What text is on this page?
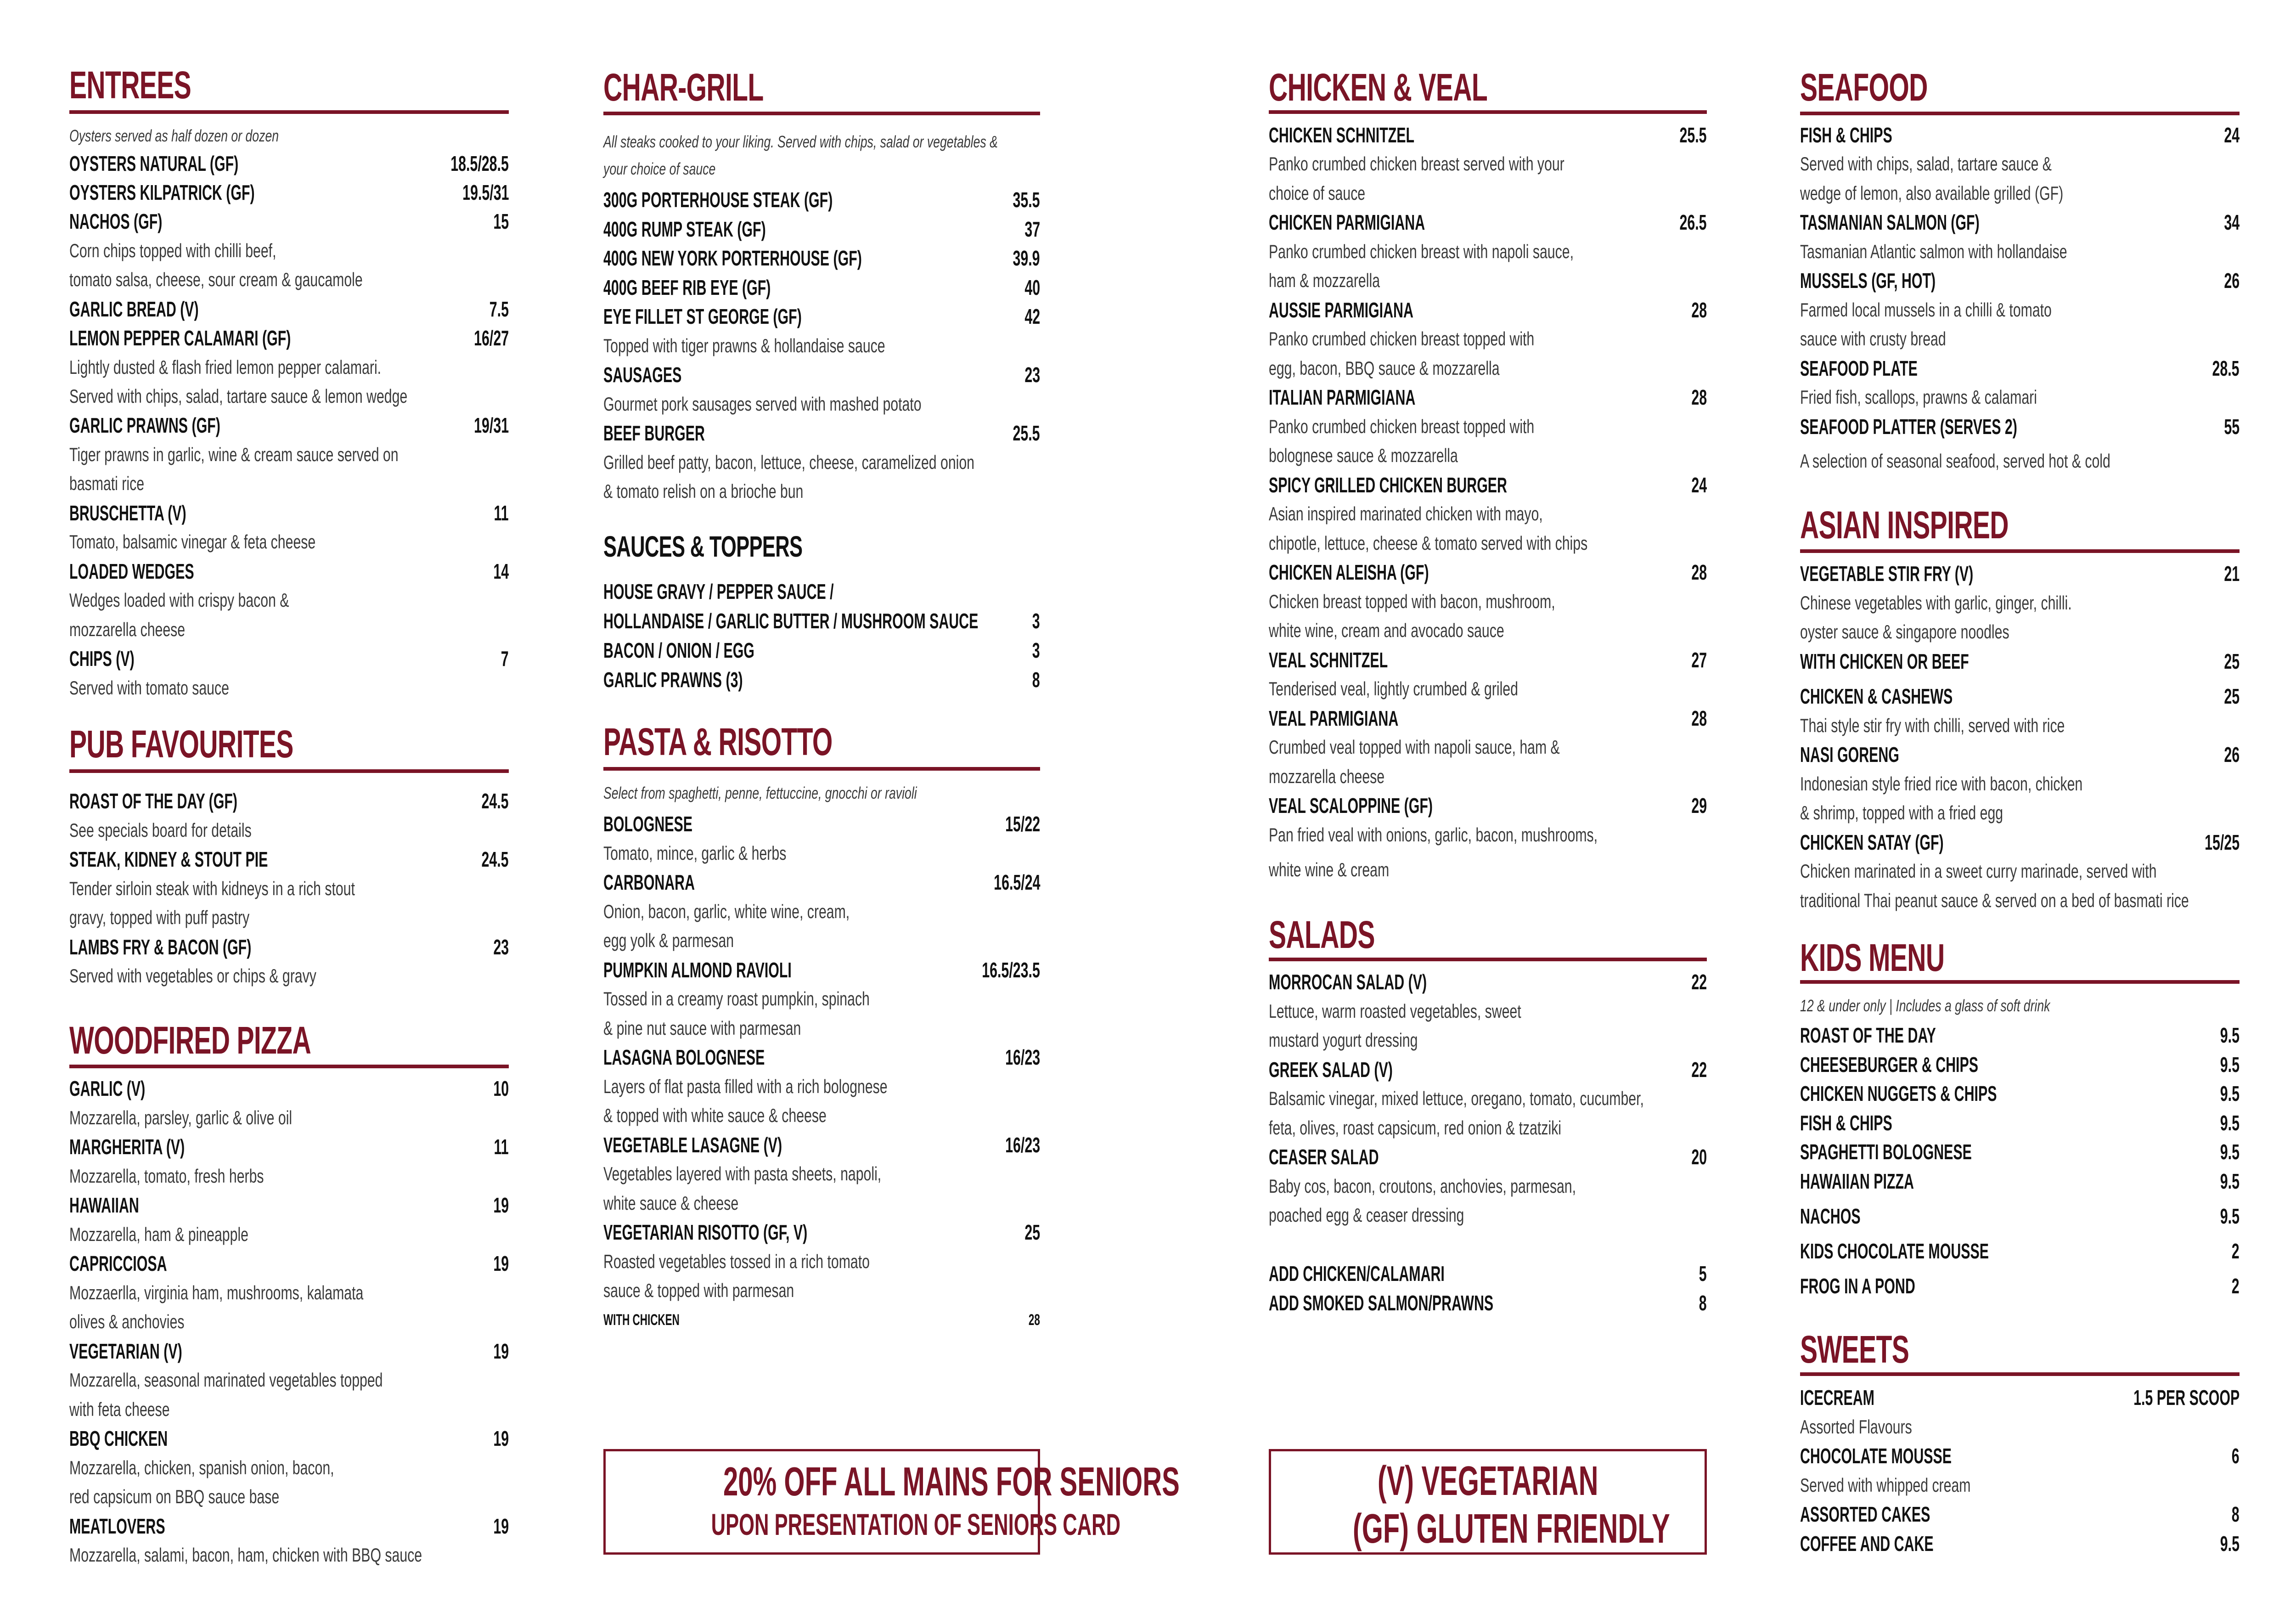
ENTREES
Oysters served as half dozen or dozen
OYSTERS NATURAL (GF)	18.5/28.5
OYSTERS KILPATRICK (GF)	19.5/31
NACHOS (GF)	15
Corn chips topped with chilli beef,
tomato salsa, cheese, sour cream & gaucamole
GARLIC BREAD (V)	7.5
LEMON PEPPER CALAMARI (GF)	16/27
Lightly dusted & flash fried lemon pepper calamari.
Served with chips, salad, tartare sauce & lemon wedge
GARLIC PRAWNS (GF)	19/31
Tiger prawns in garlic, wine & cream sauce served on
basmati rice
BRUSCHETTA (V)	11
Tomato, balsamic vinegar & feta cheese
LOADED WEDGES	14
Wedges loaded with crispy bacon &
mozzarella cheese
CHIPS (V)	7
Served with tomato sauce
PUB FAVOURITES
ROAST OF THE DAY (GF)	24.5
See specials board for details
STEAK, KIDNEY & STOUT PIE	24.5
Tender sirloin steak with kidneys in a rich stout
gravy, topped with puff pastry
LAMBS FRY & BACON (GF)	23
Served with vegetables or chips & gravy
WOODFIRED PIZZA
GARLIC (V)	10
Mozzarella, parsley, garlic & olive oil
MARGHERITA (V)	11
Mozzarella, tomato, fresh herbs
HAWAIIAN	19
Mozzarella, ham & pineapple
CAPRICCIOSA	19
Mozzaerlla, virginia ham, mushrooms, kalamata
olives & anchovies
VEGETARIAN (V)	19
Mozzarella, seasonal marinated vegetables topped
with feta cheese
BBQ CHICKEN	19
Mozzarella, chicken, spanish onion, bacon,
red capsicum on BBQ sauce base
MEATLOVERS	19
Mozzarella, salami, bacon, ham, chicken with BBQ sauce
CHAR-GRILL
All steaks cooked to your liking. Served with chips, salad or vegetables &
your choice of sauce
300G PORTERHOUSE STEAK (GF)	35.5
400G RUMP STEAK (GF)	37
400G NEW YORK PORTERHOUSE (GF)	39.9
400G BEEF RIB EYE (GF)	40
EYE FILLET ST GEORGE (GF)	42
Topped with tiger prawns & hollandaise sauce
SAUSAGES	23
Gourmet pork sausages served with mashed potato
BEEF BURGER	25.5
Grilled beef patty, bacon, lettuce, cheese, caramelized onion
& tomato relish on a brioche bun
SAUCES & TOPPERS
HOUSE GRAVY / PEPPER SAUCE /
HOLLANDAISE / GARLIC BUTTER / MUSHROOM SAUCE	3
BACON / ONION / EGG	3
GARLIC PRAWNS (3)	8
PASTA & RISOTTO
Select from spaghetti, penne, fettuccine, gnocchi or ravioli
BOLOGNESE	15/22
Tomato, mince, garlic & herbs
CARBONARA	16.5/24
Onion, bacon, garlic, white wine, cream,
egg yolk & parmesan
PUMPKIN ALMOND RAVIOLI	16.5/23.5
Tossed in a creamy roast pumpkin, spinach
& pine nut sauce with parmesan
LASAGNA BOLOGNESE	16/23
Layers of flat pasta filled with a rich bolognese
& topped with white sauce & cheese
VEGETABLE LASAGNE (V)	16/23
Vegetables layered with pasta sheets, napoli,
white sauce & cheese
VEGETARIAN RISOTTO (GF, V)	25
Roasted vegetables tossed in a rich tomato
sauce & topped with parmesan
WITH CHICKEN	28
20% OFF ALL MAINS FOR SENIORS
UPON PRESENTATION OF SENIORS CARD
CHICKEN & VEAL
CHICKEN SCHNITZEL	25.5
Panko crumbed chicken breast served with your
choice of sauce
CHICKEN PARMIGIANA	26.5
Panko crumbed chicken breast with napoli sauce,
ham & mozzarella
AUSSIE PARMIGIANA	28
Panko crumbed chicken breast topped with
egg, bacon, BBQ sauce & mozzarella
ITALIAN PARMIGIANA	28
Panko crumbed chicken breast topped with
bolognese sauce & mozzarella
SPICY GRILLED CHICKEN BURGER	24
Asian inspired marinated chicken with mayo,
chipotle, lettuce, cheese & tomato served with chips
CHICKEN ALEISHA (GF)	28
Chicken breast topped with bacon, mushroom,
white wine, cream and avocado sauce
VEAL SCHNITZEL	27
Tenderised veal, lightly crumbed & griled
VEAL PARMIGIANA	28
Crumbed veal topped with napoli sauce, ham &
mozzarella cheese
VEAL SCALOPPINE (GF)	29
Pan fried veal with onions, garlic, bacon, mushrooms,
white wine & cream
SALADS
MORROCAN SALAD (V)	22
Lettuce, warm roasted vegetables, sweet
mustard yogurt dressing
GREEK SALAD (V)	22
Balsamic vinegar, mixed lettuce, oregano, tomato, cucumber,
feta, olives, roast capsicum, red onion & tzatziki
CEASER SALAD	20
Baby cos, bacon, croutons, anchovies, parmesan,
poached egg & ceaser dressing
ADD CHICKEN/CALAMARI	5
ADD SMOKED SALMON/PRAWNS	8
(V) VEGETARIAN
(GF) GLUTEN FRIENDLY
SEAFOOD
FISH & CHIPS	24
Served with chips, salad, tartare sauce &
wedge of lemon, also available grilled (GF)
TASMANIAN SALMON (GF)	34
Tasmanian Atlantic salmon with hollandaise
MUSSELS (GF, HOT)	26
Farmed local mussels in a chilli & tomato
sauce with crusty bread
SEAFOOD PLATE	28.5
Fried fish, scallops, prawns & calamari
SEAFOOD PLATTER (SERVES 2)	55
A selection of seasonal seafood, served hot & cold
ASIAN INSPIRED
VEGETABLE STIR FRY (V)	21
Chinese vegetables with garlic, ginger, chilli.
oyster sauce & singapore noodles
WITH CHICKEN OR BEEF	25
CHICKEN & CASHEWS	25
Thai style stir fry with chilli, served with rice
NASI GORENG	26
Indonesian style fried rice with bacon, chicken
& shrimp, topped with a fried egg
CHICKEN SATAY (GF)	15/25
Chicken marinated in a sweet curry marinade, served with
traditional Thai peanut sauce & served on a bed of basmati rice
KIDS MENU
12 & under only | Includes a glass of soft drink
ROAST OF THE DAY	9.5
CHEESEBURGER & CHIPS	9.5
CHICKEN NUGGETS & CHIPS	9.5
FISH & CHIPS	9.5
SPAGHETTI BOLOGNESE	9.5
HAWAIIAN PIZZA	9.5
NACHOS	9.5
KIDS CHOCOLATE MOUSSE	2
FROG IN A POND	2
SWEETS
ICECREAM	1.5 PER SCOOP
Assorted Flavours
CHOCOLATE MOUSSE	6
Served with whipped cream
ASSORTED CAKES	8
COFFEE AND CAKE	9.5
